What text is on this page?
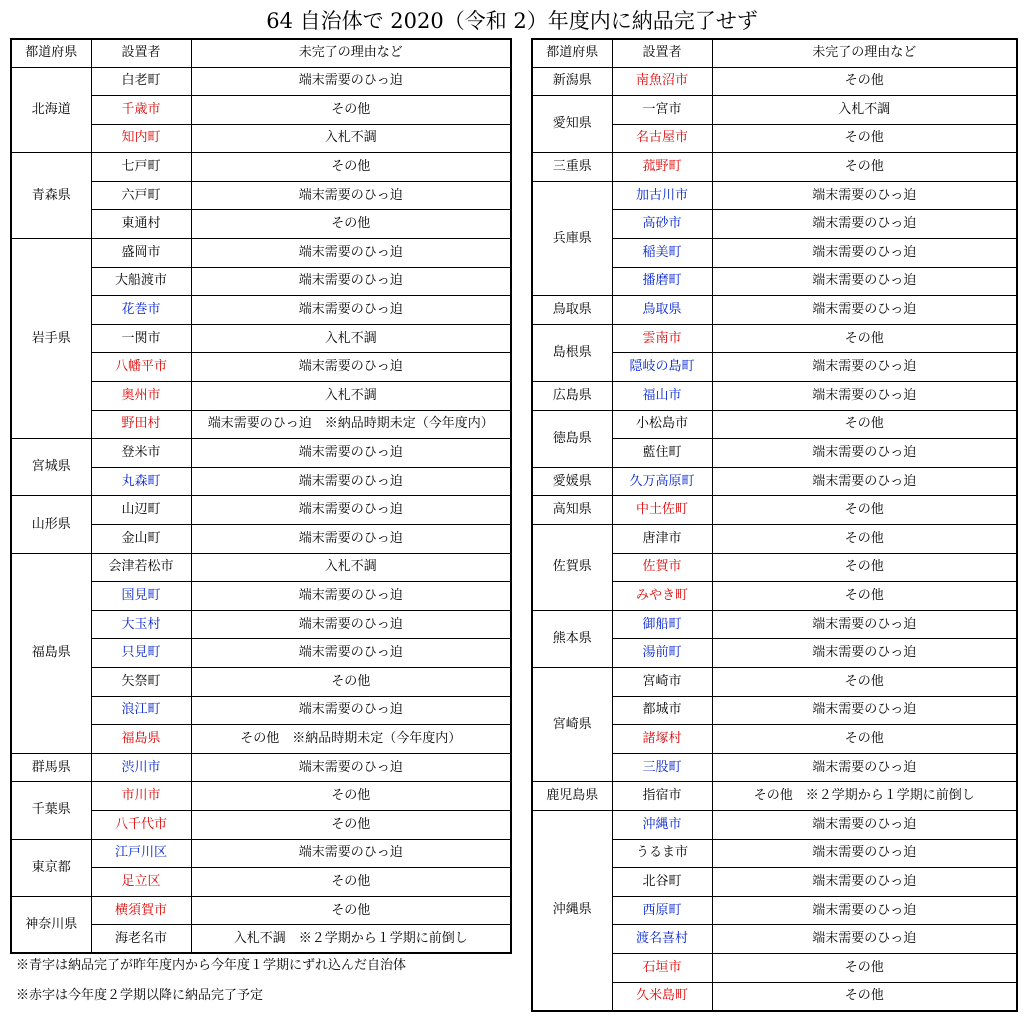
64 自治体で 2020（令和 2）年度内に納品完了せず
都道府県	設置者	未完了の理由など
北海道	白老町	端末需要のひっ迫
	千歳市	その他
	知内町	入札不調
青森県	七戸町	その他
	六戸町	端末需要のひっ迫
	東通村	その他
岩手県	盛岡市	端末需要のひっ迫
	大船渡市	端末需要のひっ迫
	花巻市	端末需要のひっ迫
	一関市	入札不調
	八幡平市	端末需要のひっ迫
	奥州市	入札不調
	野田村	端末需要のひっ迫　※納品時期未定（今年度内）
宮城県	登米市	端末需要のひっ迫
	丸森町	端末需要のひっ迫
山形県	山辺町	端末需要のひっ迫
	金山町	端末需要のひっ迫
福島県	会津若松市	入札不調
	国見町	端末需要のひっ迫
	大玉村	端末需要のひっ迫
	只見町	端末需要のひっ迫
	矢祭町	その他
	浪江町	端末需要のひっ迫
	福島県	その他　※納品時期未定（今年度内）
群馬県	渋川市	端末需要のひっ迫
千葉県	市川市	その他
	八千代市	その他
東京都	江戸川区	端末需要のひっ迫
	足立区	その他
神奈川県	横須賀市	その他
	海老名市	入札不調　※２学期から１学期に前倒し
都道府県	設置者	未完了の理由など
新潟県	南魚沼市	その他
愛知県	一宮市	入札不調
	名古屋市	その他
三重県	菰野町	その他
兵庫県	加古川市	端末需要のひっ迫
	高砂市	端末需要のひっ迫
	稲美町	端末需要のひっ迫
	播磨町	端末需要のひっ迫
鳥取県	鳥取県	端末需要のひっ迫
島根県	雲南市	その他
	隠岐の島町	端末需要のひっ迫
広島県	福山市	端末需要のひっ迫
徳島県	小松島市	その他
	藍住町	端末需要のひっ迫
愛媛県	久万高原町	端末需要のひっ迫
高知県	中土佐町	その他
佐賀県	唐津市	その他
	佐賀市	その他
	みやき町	その他
熊本県	御船町	端末需要のひっ迫
	湯前町	端末需要のひっ迫
宮崎県	宮崎市	その他
	都城市	端末需要のひっ迫
	諸塚村	その他
	三股町	端末需要のひっ迫
鹿児島県	指宿市	その他　※２学期から１学期に前倒し
沖縄県	沖縄市	端末需要のひっ迫
	うるま市	端末需要のひっ迫
	北谷町	端末需要のひっ迫
	西原町	端末需要のひっ迫
	渡名喜村	端末需要のひっ迫
	石垣市	その他
	久米島町	その他
※青字は納品完了が昨年度内から今年度１学期にずれ込んだ自治体
※赤字は今年度２学期以降に納品完了予定
